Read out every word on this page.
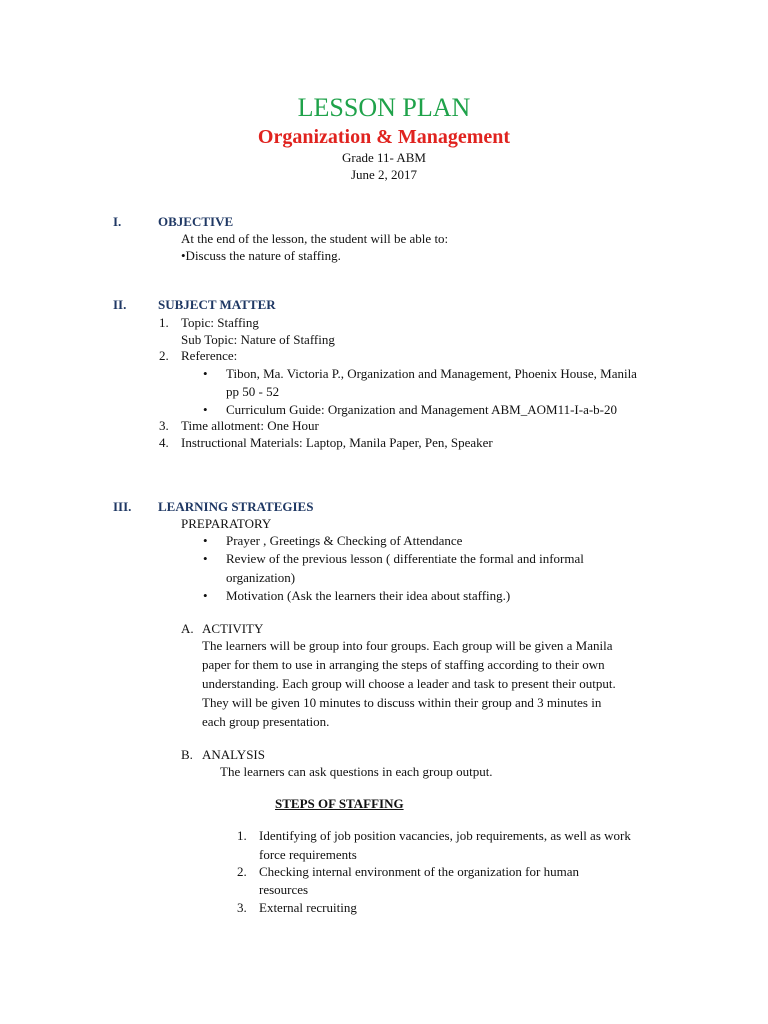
LESSON PLAN
Organization & Management
Grade 11- ABM
June 2, 2017
I.	OBJECTIVE
At the end of the lesson, the student will be able to:
•Discuss the nature of staffing.
II. SUBJECT MATTER
1. Topic: Staffing
Sub Topic: Nature of Staffing
2. Reference:
• Tibon, Ma. Victoria P., Organization and Management, Phoenix House, Manila
pp 50 - 52
• Curriculum Guide: Organization and Management ABM_AOM11-I-a-b-20
3. Time allotment: One Hour
4. Instructional Materials: Laptop, Manila Paper, Pen, Speaker
III. LEARNING STRATEGIES
PREPARATORY
• Prayer , Greetings & Checking of Attendance
• Review of the previous lesson ( differentiate the formal and informal
organization)
• Motivation (Ask the learners their idea about staffing.)
A. ACTIVITY
The learners will be group into four groups. Each group will be given a Manila
paper for them to use in arranging the steps of staffing according to their own
understanding. Each group will choose a leader and task to present their output.
They will be given 10 minutes to discuss within their group and 3 minutes in
each group presentation.
B. ANALYSIS
The learners can ask questions in each group output.
STEPS OF STAFFING
1. Identifying of job position vacancies, job requirements, as well as work
force requirements
2. Checking internal environment of the organization for human
resources
3. External recruiting
